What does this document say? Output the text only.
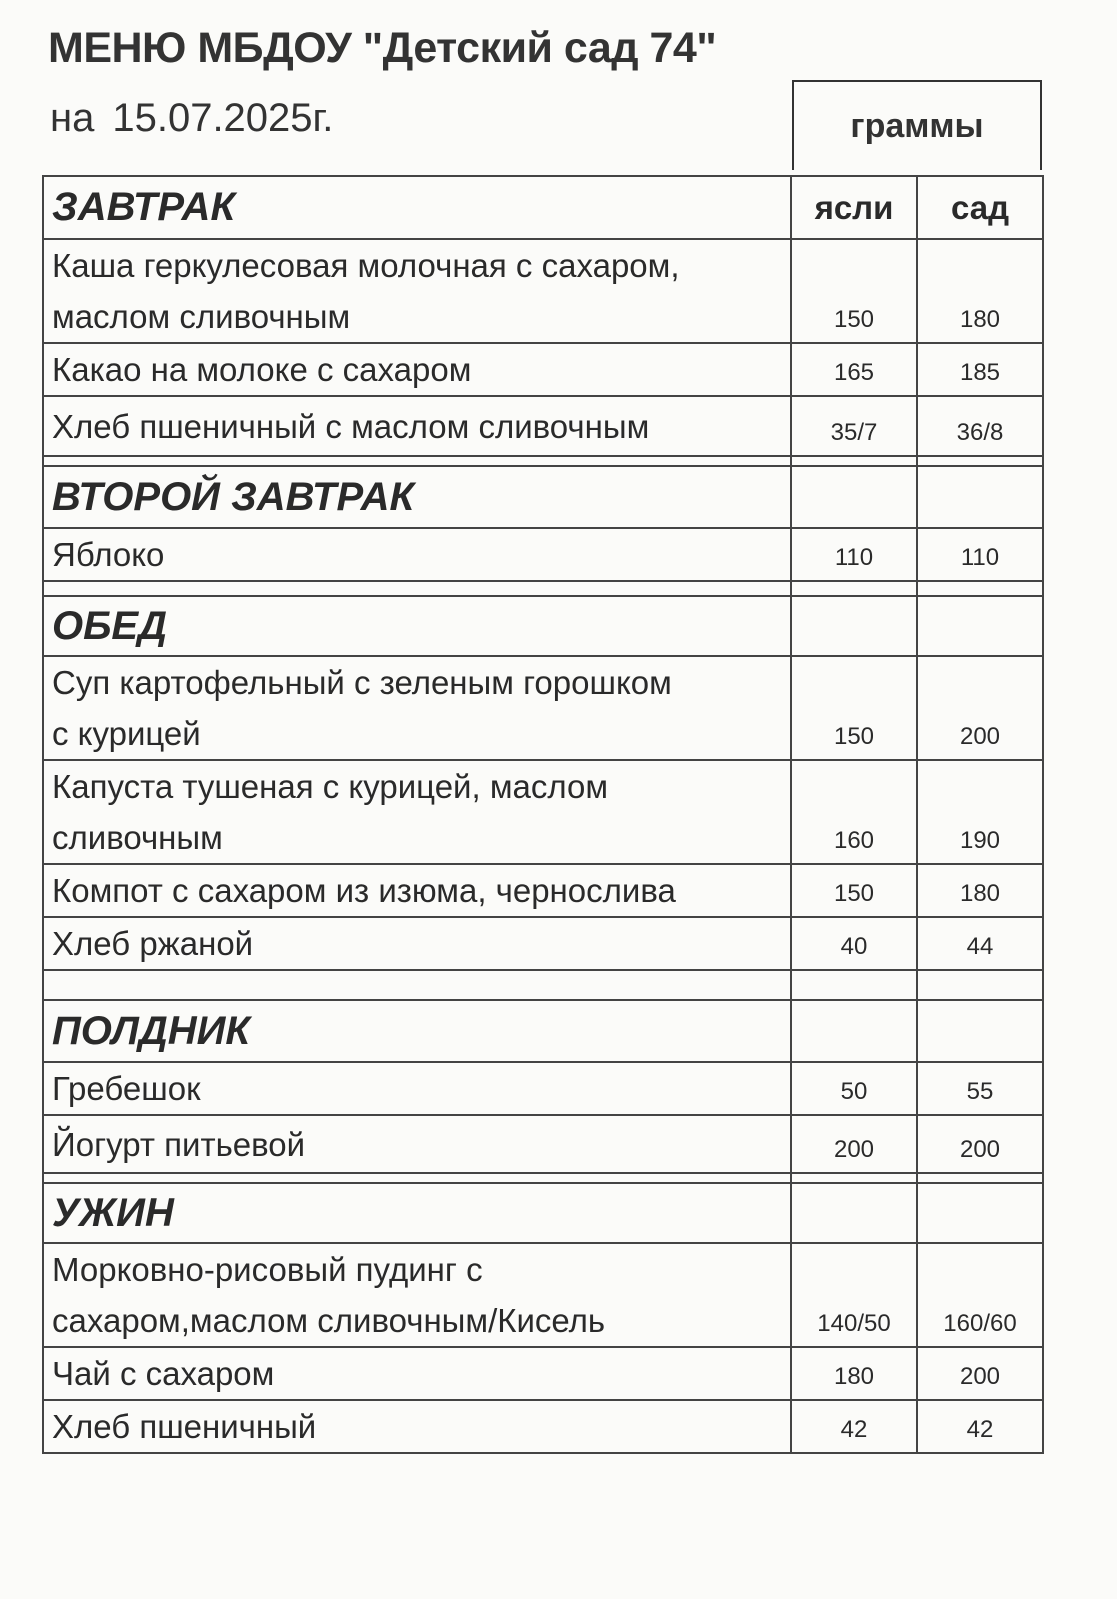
МЕНЮ МБДОУ "Детский сад 74"
на 15.07.2025г.	граммы
ЗАВТРАК	ясли	сад
Каша геркулесовая молочная с сахаром,
маслом сливочным	150	180
Какао на молоке с сахаром	165	185
Хлеб пшеничный с маслом сливочным	35/7	36/8

ВТОРОЙ ЗАВТРАК		
Яблоко	110	110

ОБЕД		
Суп картофельный с зеленым горошком
с курицей	150	200
Капуста тушеная с курицей, маслом
сливочным	160	190
Компот с сахаром из изюма, чернослива	150	180
Хлеб ржаной	40	44

ПОЛДНИК		
Гребешок	50	55
Йогурт питьевой	200	200

УЖИН		
Морковно-рисовый пудинг с
сахаром,маслом сливочным/Кисель	140/50	160/60
Чай с сахаром	180	200
Хлеб пшеничный	42	42
